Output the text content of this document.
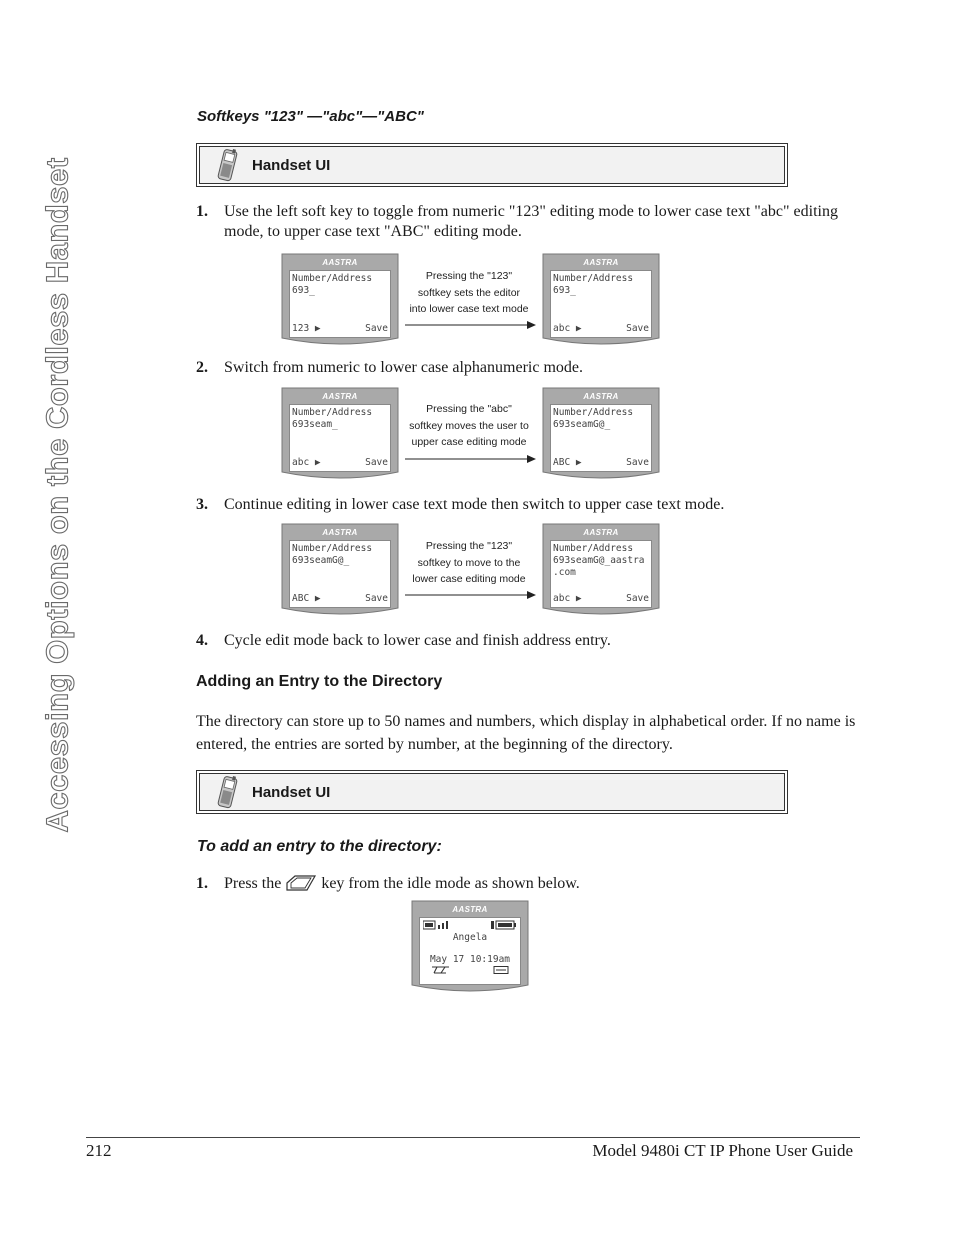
Accessing Options on the Cordless Handset
Softkeys "123" —"abc"—"ABC"
Handset UI
1. Use the left soft key to toggle from numeric "123" editing mode to lower case text "abc" editing mode, to upper case text "ABC" editing mode.
AASTRA
Number/Address
693_
123 ▶	Save
Pressing the "123"
softkey sets the editor
into lower case text mode
AASTRA
Number/Address
693_
abc ▶	Save
2. Switch from numeric to lower case alphanumeric mode.
AASTRA
Number/Address
693seam_
abc ▶	Save
Pressing the "abc"
softkey moves the user to
upper case editing mode
AASTRA
Number/Address
693seamG@_
ABC ▶	Save
3. Continue editing in lower case text mode then switch to upper case text mode.
AASTRA
Number/Address
693seamG@_
ABC ▶	Save
Pressing the "123"
softkey to move to the
lower case editing mode
AASTRA
Number/Address
693seamG@_aastra
.com
abc ▶	Save
4. Cycle edit mode back to lower case and finish address entry.
Adding an Entry to the Directory
The directory can store up to 50 names and numbers, which display in alphabetical order. If no name is entered, the entries are sorted by number, at the beginning of the directory.
Handset UI
To add an entry to the directory:
1. Press the	key from the idle mode as shown below.
AASTRA
Angela
May 17 10:19am
212	Model 9480i CT IP Phone User Guide
